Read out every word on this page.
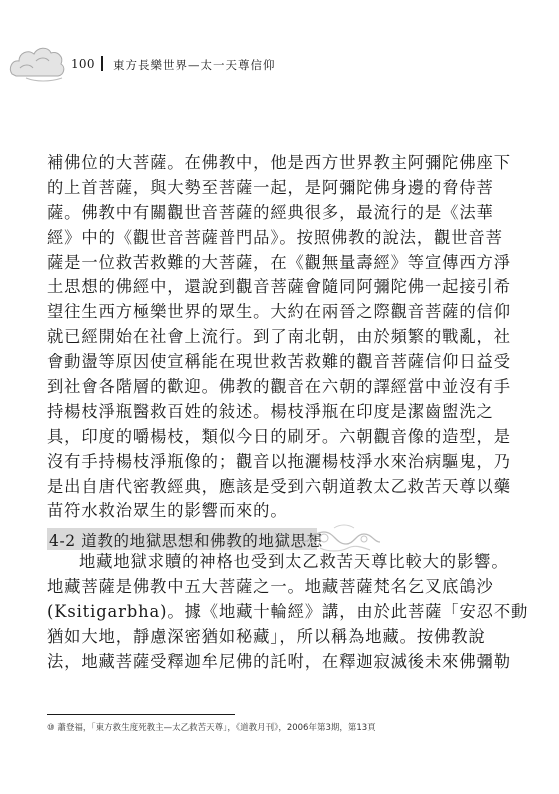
100 東方長樂世界—太一天尊信仰
補佛位的大菩薩。在佛教中，他是西方世界教主阿彌陀佛座下
的上首菩薩，與大勢至菩薩一起，是阿彌陀佛身邊的脅侍菩
薩。佛教中有關觀世音菩薩的經典很多，最流行的是《法華
經》中的《觀世音菩薩普門品》。按照佛教的說法，觀世音菩
薩是一位救苦救難的大菩薩，在《觀無量壽經》等宣傳西方淨
土思想的佛經中，還說到觀音菩薩會隨同阿彌陀佛一起接引希
望往生西方極樂世界的眾生。大約在兩晉之際觀音菩薩的信仰
就已經開始在社會上流行。到了南北朝，由於頻繁的戰亂，社
會動盪等原因使宣稱能在現世救苦救難的觀音菩薩信仰日益受
到社會各階層的歡迎。佛教的觀音在六朝的譯經當中並沒有手
持楊枝淨瓶醫救百姓的敍述。楊枝淨瓶在印度是潔齒盥洗之
具，印度的嚼楊枝，類似今日的刷牙。六朝觀音像的造型，是
沒有手持楊枝淨瓶像的；觀音以拖灑楊枝淨水來治病驅鬼，乃
是出自唐代密教經典，應該是受到六朝道教太乙救苦天尊以藥
苗符水救治眾生的影響而來的。
4-2 道教的地獄思想和佛教的地獄思想
地藏地獄求贖的神格也受到太乙救苦天尊比較大的影響。
地藏菩薩是佛教中五大菩薩之一。地藏菩薩梵名乞叉底鴿沙
(Ksitigarbha)。據《地藏十輪經》講，由於此菩薩「安忍不動
猶如大地，靜慮深密猶如秘藏」，所以稱為地藏。按佛教說
法，地藏菩薩受釋迦牟尼佛的託咐，在釋迦寂滅後未來佛彌勒
⑩ 蕭登福，「東方救生度死教主—太乙救苦天尊」，《道教月刊》，2006年第3期，第13頁
